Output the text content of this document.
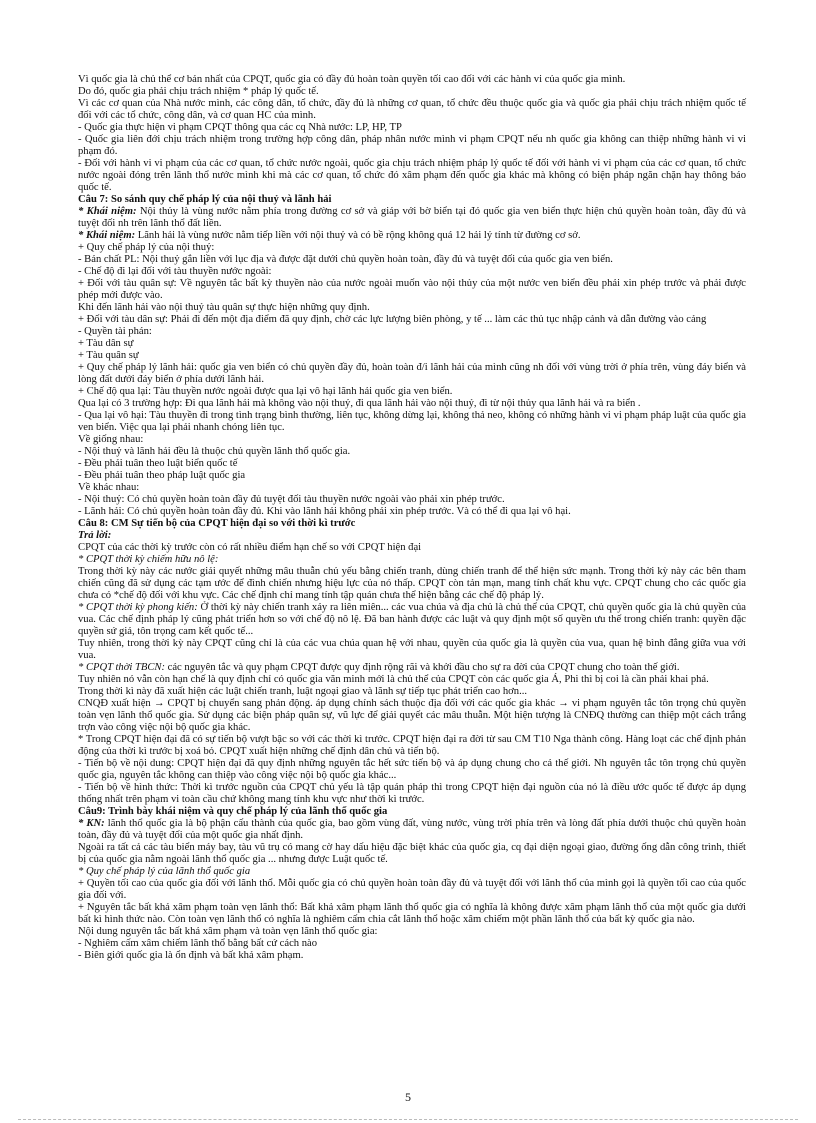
Vì quốc gia là chủ thể cơ bản nhất của CPQT, quốc gia có đầy đủ hoàn toàn quyền tối cao đối với các hành vi của quốc gia mình.

Do đó, quốc gia phải chịu trách nhiệm * pháp lý quốc tế.

Vì các cơ quan của Nhà nước mình, các công dân, tổ chức, đầy đủ là những cơ quan, tổ chức đều thuộc quốc gia và quốc gia phải chịu trách nhiệm quốc tế đối với các tổ chức, công dân, và cơ quan HC của mình.

- Quốc gia thực hiện vi phạm CPQT thông qua các cq Nhà nước: LP, HP, TP

- Quốc gia liên đới chịu trách nhiệm trong trường hợp công dân, pháp nhân nước mình vi phạm CPQT nếu nh quốc gia không can thiệp những hành vi vi phạm đó.

- Đối với hành vi vi phạm của các cơ quan, tổ chức nước ngoài, quốc gia chịu trách nhiệm pháp lý quốc tế đối với hành vi vi phạm của các cơ quan, tổ chức nước ngoài đóng trên lãnh thổ nước mình khi mà các cơ quan, tổ chức đó xâm phạm đến quốc gia khác mà không có biện pháp ngăn chặn hay thông báo quốc tế.

Câu 7: So sánh quy chế pháp lý của nội thuỷ và lãnh hải

* Khái niệm: Nội thủy là vùng nước nằm phía trong đường cơ sở và giáp với bờ biển tại đó quốc gia ven biển thực hiện chủ quyền hoàn toàn, đầy đủ và tuyệt đối nh trên lãnh thổ đất liền.

* Khái niệm: Lãnh hải là vùng nước nằm tiếp liền với nội thuỷ và có bề rộng không quá 12 hải lý tính từ đường cơ sở.

+ Quy chế pháp lý của nội thuỷ:

- Bản chất PL: Nội thuỷ gắn liền với lục địa và được đặt dưới chủ quyền hoàn toàn, đầy đủ và tuyệt đối của quốc gia ven biển.

- Chế độ đi lại đối với tàu thuyền nước ngoài:

+ Đối với tàu quân sự: Về nguyên tắc bất kỳ thuyền nào của nước ngoài muốn vào nội thủy của một nước ven biển đều phải xin phép trước và phải được phép mới được vào.

Khi đến lãnh hải vào nội thuỷ tàu quân sự thực hiện những quy định.

+ Đối với tàu dân sự: Phải đi đến một địa điểm đã quy định, chờ các lực lượng biên phòng, y tế ... làm các thủ tục nhập cảnh và dẫn đường vào cảng

- Quyền tài phán:

+ Tàu dân sự

+ Tàu quân sự

+ Quy chế pháp lý lãnh hải: quốc gia ven biển có chủ quyền đầy đủ, hoàn toàn đ/i lãnh hải của mình cũng nh đối với vùng trời ở phía trên, vùng đáy biển và lòng đất dưới đáy biển ở phía dưới lãnh hải.

+ Chế độ qua lại: Tàu thuyền nước ngoài được qua lại vô hại lãnh hải quốc gia ven biển.

Qua lại có 3 trường hợp: Đi qua lãnh hải mà không vào nội thuỷ, đi qua lãnh hải vào nội thuỷ, đi từ nội thủy qua lãnh hải và ra biển .

- Qua lại vô hại: Tàu thuyền đi trong tình trạng bình thường, liên tục, không dừng lại, không thả neo, không có những hành vi vi phạm pháp luật của quốc gia ven biển. Việc qua lại phải nhanh chóng liên tục.

Về giống nhau:

- Nội thuỷ và lãnh hải đều là thuộc chủ quyền lãnh thổ quốc gia.

- Đều phải tuân theo luật biển quốc tế

- Đều phải tuân theo pháp luật quốc gia

Về khác nhau:

- Nội thuỷ: Có chủ quyền hoàn toàn đầy đủ tuyệt đối tàu thuyền nước ngoài vào phải xin phép trước.

- Lãnh hải: Có chủ quyền hoàn toàn đầy đủ. Khi vào lãnh hải không phải xin phép trước. Và có thể đi qua lại vô hại.

Câu 8: CM Sự tiến bộ của CPQT hiện đại so với thời kì trước

Trả lời:

CPQT của các thời kỳ trước còn có rất nhiều điểm hạn chế so với CPQT hiện đại

* CPQT thời kỳ chiếm hữu nô lệ:

Trong thời kỳ này các nước giải quyết những mâu thuẫn chủ yếu bằng chiến tranh, dùng chiến tranh để thể hiện sức mạnh. Trong thời kỳ này các bên tham chiến cũng đã sử dụng các tạm ước để đình chiến nhưng hiệu lực của nó thấp. CPQT còn tản mạn, mang tính chất khu vực. CPQT chung cho các quốc gia chưa có *chế độ đối với khu vực. Các chế định chỉ mang tính tập quán chưa thể hiện bằng các chế độ pháp lý.

* CPQT thời kỳ phong kiến: Ở thời kỳ này chiến tranh xảy ra liên miên... các vua chúa và địa chủ là chủ thể của CPQT, chủ quyền quốc gia là chủ quyền của vua. Các chế định pháp lý cũng phát triển hơn so với chế độ nô lệ. Đã ban hành được các luật và quy định một số quyền ưu thế trong chiến tranh: quyền đặc quyền sứ giả, tôn trọng cam kết quốc tế...

Tuy nhiên, trong thời kỳ này CPQT cũng chỉ là của các vua chúa quan hệ với nhau, quyền của quốc gia là quyền của vua, quan hệ bình đẳng giữa vua với vua.

* CPQT thời TBCN: các nguyên tắc và quy phạm CPQT được quy định rộng rãi và khởi đầu cho sự ra đời của CPQT chung cho toàn thế giới.

Tuy nhiên nó vẫn còn hạn chế là quy định chỉ có quốc gia văn minh mới là chủ thể của CPQT còn các quốc gia Á, Phi thì bị coi là cần phải khai phá.

Trong thời kì này đã xuất hiện các luật chiến tranh, luật ngoại giao và lãnh sự tiếp tục phát triển cao hơn...

CNQĐ xuất hiện → CPQT bị chuyển sang phản động. áp dụng chính sách thuộc địa đối với các quốc gia khác → vi phạm nguyên tắc tôn trọng chủ quyền toàn vẹn lãnh thổ quốc gia. Sử dụng các biện pháp quân sự, vũ lực để giải quyết các mâu thuẫn. Một hiện tượng là CNĐQ thường can thiệp một cách trắng trợn vào công việc nội bộ quốc gia khác.

* Trong CPQT hiện đại đã có sự tiến bộ vượt bậc so với các thời kì trước. CPQT hiện đại ra đời từ sau CM T10 Nga thành công. Hàng loạt các chế định phản động của thời kì trước bị xoá bỏ. CPQT xuất hiện những chế định dân chủ và tiến bộ.

- Tiến bộ về nội dung: CPQT hiện đại đã quy định những nguyên tắc hết sức tiến bộ và áp dụng chung cho cả thế giới. Nh nguyên tắc tôn trọng chủ quyền quốc gia, nguyên tắc không can thiệp vào công việc nội bộ quốc gia khác...

- Tiến bộ về hình thức: Thời kì trước nguồn của CPQT chủ yếu là tập quán pháp thì trong CPQT hiện đại nguồn của nó là điều ước quốc tế được áp dụng thống nhất trên phạm vi toàn cầu chứ không mang tính khu vực như thời kì trước.

Câu9: Trình bày khái niệm và quy chế pháp lý của lãnh thổ quốc gia

* KN: lãnh thổ quốc gia là bộ phận cấu thành của quốc gia, bao gồm vùng đất, vùng nước, vùng trời phía trên và lòng đất phía dưới thuộc chủ quyền hoàn toàn, đầy đủ và tuyệt đối của một quốc gia nhất định.

Ngoài ra tất cả các tàu biển máy bay, tàu vũ trụ có mang cờ hay dấu hiệu đặc biệt khác của quốc gia, cq đại diện ngoại giao, đường ống dẫn công trình, thiết bị của quốc gia nằm ngoài lãnh thổ quốc gia ... nhưng được Luật quốc tế.

* Quy chế pháp lý của lãnh thổ quốc gia

+ Quyền tối cao của quốc gia đối với lãnh thổ. Mỗi quốc gia có chủ quyền hoàn toàn đầy đủ và tuyệt đối với lãnh thổ của mình gọi là quyền tối cao của quốc gia đối với.

+ Nguyên tắc bất khả xâm phạm toàn vẹn lãnh thổ: Bất khả xâm phạm lãnh thổ quốc gia có nghĩa là không được xâm phạm lãnh thổ của một quốc gia dưới bất kì hình thức nào. Còn toàn vẹn lãnh thổ có nghĩa là nghiêm cấm chia cắt lãnh thổ hoặc xâm chiếm một phần lãnh thổ của bất kỳ quốc gia nào.

Nội dung nguyên tắc bất khả xâm phạm và toàn vẹn lãnh thổ quốc gia:

- Nghiêm cấm xâm chiếm lãnh thổ bằng bất cứ cách nào

- Biên giới quốc gia là ổn định và bất khả xâm phạm.

5
